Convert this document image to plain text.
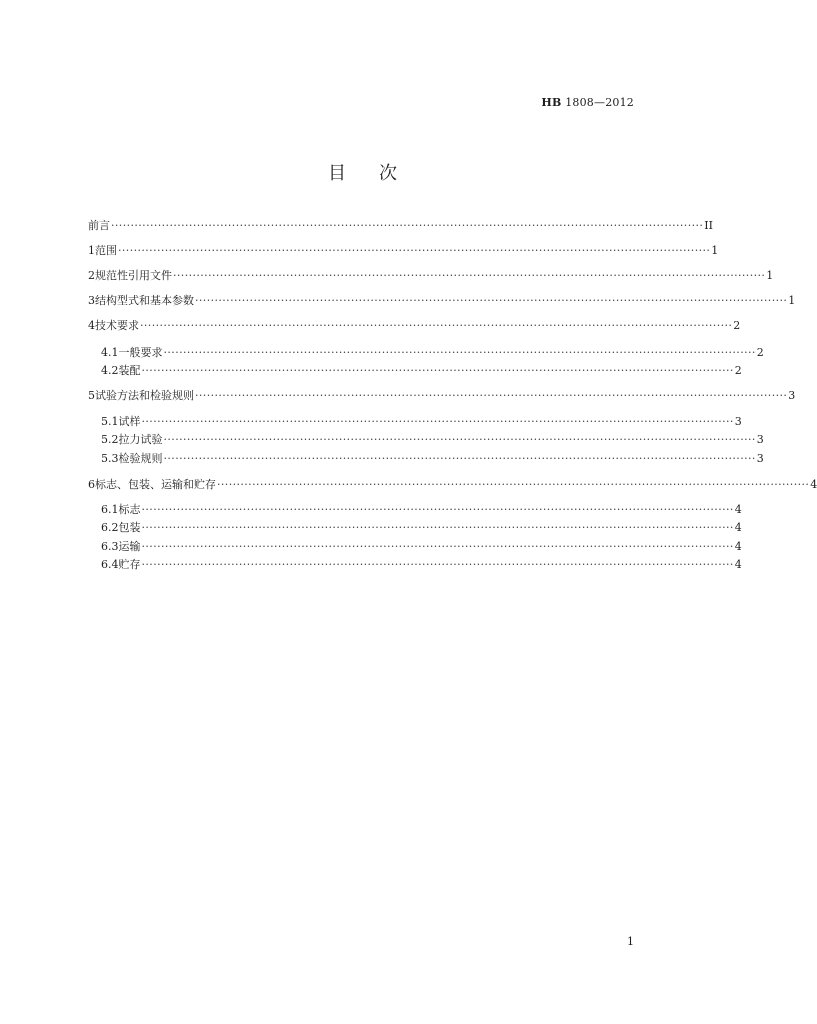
HB 1808—2012
目次
前言 ························································································································································ II
1 范围 ························································································································································ 1
2 规范性引用文件 ························································································································································ 1
3 结构型式和基本参数 ························································································································································ 1
4 技术要求 ························································································································································ 2
4.1 一般要求 ························································································································································ 2
4.2 装配 ························································································································································ 2
5 试验方法和检验规则 ························································································································································ 3
5.1 试样 ························································································································································ 3
5.2 拉力试验 ························································································································································ 3
5.3 检验规则 ························································································································································ 3
6 标志、包装、运输和贮存 ························································································································································ 4
6.1 标志 ························································································································································ 4
6.2 包装 ························································································································································ 4
6.3 运输 ························································································································································ 4
6.4 贮存 ························································································································································ 4
1
